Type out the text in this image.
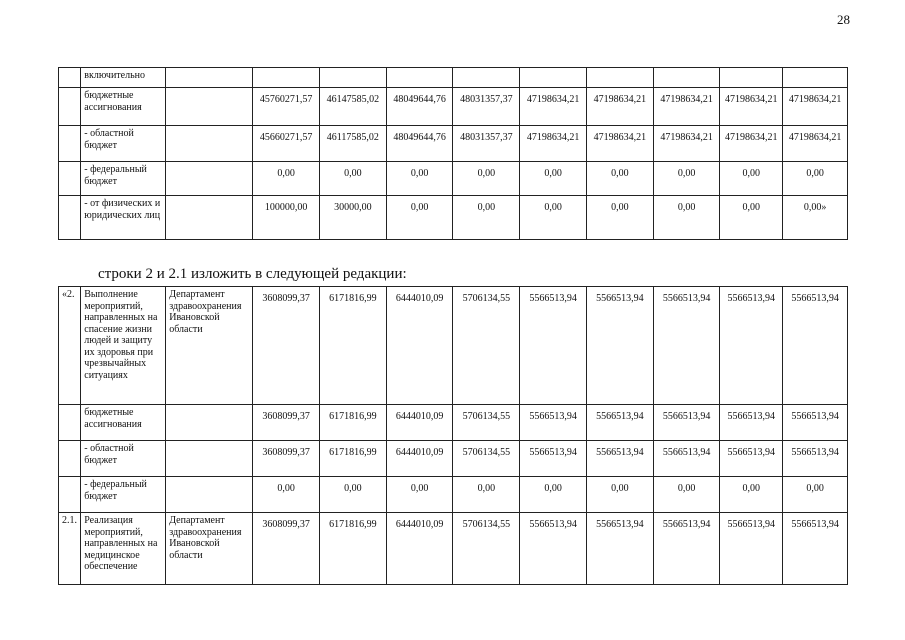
28
	включительно										
	бюджетные ассигнования		45760271,57	46147585,02	48049644,76	48031357,37	47198634,21	47198634,21	47198634,21	47198634,21	47198634,21
	- областной бюджет		45660271,57	46117585,02	48049644,76	48031357,37	47198634,21	47198634,21	47198634,21	47198634,21	47198634,21
	- федеральный бюджет		0,00	0,00	0,00	0,00	0,00	0,00	0,00	0,00	0,00
	- от физических и юридических лиц		100000,00	30000,00	0,00	0,00	0,00	0,00	0,00	0,00	0,00»
строки 2 и 2.1 изложить в следующей редакции:
«2.	Выполнение мероприятий, направленных на спасение жизни людей и защиту их здоровья при чрезвычайных ситуациях	Департамент здравоохранения Ивановской области	3608099,37	6171816,99	6444010,09	5706134,55	5566513,94	5566513,94	5566513,94	5566513,94	5566513,94
	бюджетные ассигнования		3608099,37	6171816,99	6444010,09	5706134,55	5566513,94	5566513,94	5566513,94	5566513,94	5566513,94
	- областной бюджет		3608099,37	6171816,99	6444010,09	5706134,55	5566513,94	5566513,94	5566513,94	5566513,94	5566513,94
	- федеральный бюджет		0,00	0,00	0,00	0,00	0,00	0,00	0,00	0,00	0,00
2.1.	Реализация мероприятий, направленных на медицинское обеспечение	Департамент здравоохранения Ивановской области	3608099,37	6171816,99	6444010,09	5706134,55	5566513,94	5566513,94	5566513,94	5566513,94	5566513,94
